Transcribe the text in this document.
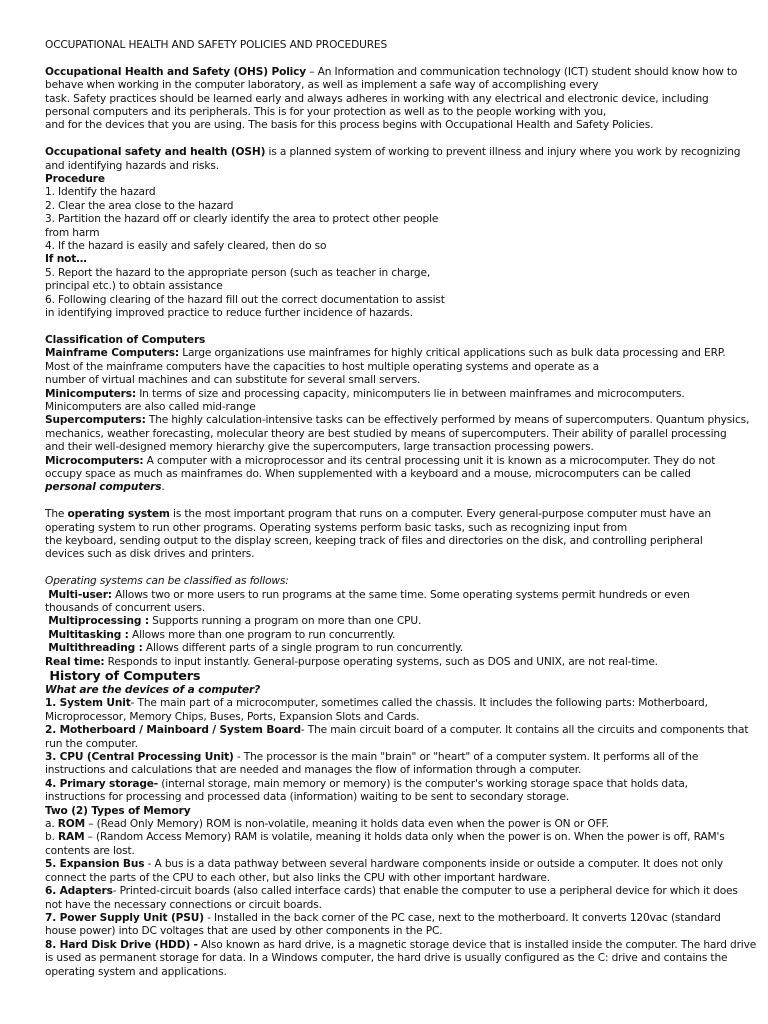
OCCUPATIONAL HEALTH AND SAFETY POLICIES AND PROCEDURES
Occupational Health and Safety (OHS) Policy – An Information and communication technology (ICT) student should know how to
behave when working in the computer laboratory, as well as implement a safe way of accomplishing every
task. Safety practices should be learned early and always adheres in working with any electrical and electronic device, including
personal computers and its peripherals. This is for your protection as well as to the people working with you,
and for the devices that you are using. The basis for this process begins with Occupational Health and Safety Policies.
Occupational safety and health (OSH) is a planned system of working to prevent illness and injury where you work by recognizing
and identifying hazards and risks.
Procedure
1. Identify the hazard
2. Clear the area close to the hazard
3. Partition the hazard off or clearly identify the area to protect other people
from harm
4. If the hazard is easily and safely cleared, then do so
If not…
5. Report the hazard to the appropriate person (such as teacher in charge,
principal etc.) to obtain assistance
6. Following clearing of the hazard fill out the correct documentation to assist
in identifying improved practice to reduce further incidence of hazards.
Classification of Computers
Mainframe Computers: Large organizations use mainframes for highly critical applications such as bulk data processing and ERP.
Most of the mainframe computers have the capacities to host multiple operating systems and operate as a
number of virtual machines and can substitute for several small servers.
Minicomputers: In terms of size and processing capacity, minicomputers lie in between mainframes and microcomputers.
Minicomputers are also called mid-range
Supercomputers: The highly calculation-intensive tasks can be effectively performed by means of supercomputers. Quantum physics,
mechanics, weather forecasting, molecular theory are best studied by means of supercomputers. Their ability of parallel processing
and their well-designed memory hierarchy give the supercomputers, large transaction processing powers.
Microcomputers: A computer with a microprocessor and its central processing unit it is known as a microcomputer. They do not
occupy space as much as mainframes do. When supplemented with a keyboard and a mouse, microcomputers can be called
personal computers.
The operating system is the most important program that runs on a computer. Every general-purpose computer must have an
operating system to run other programs. Operating systems perform basic tasks, such as recognizing input from
the keyboard, sending output to the display screen, keeping track of files and directories on the disk, and controlling peripheral
devices such as disk drives and printers.
Operating systems can be classified as follows:
Multi-user: Allows two or more users to run programs at the same time. Some operating systems permit hundreds or even
thousands of concurrent users.
Multiprocessing : Supports running a program on more than one CPU.
Multitasking : Allows more than one program to run concurrently.
Multithreading : Allows different parts of a single program to run concurrently.
Real time: Responds to input instantly. General-purpose operating systems, such as DOS and UNIX, are not real-time.
History of Computers
What are the devices of a computer?
1. System Unit- The main part of a microcomputer, sometimes called the chassis. It includes the following parts: Motherboard,
Microprocessor, Memory Chips, Buses, Ports, Expansion Slots and Cards.
2. Motherboard / Mainboard / System Board- The main circuit board of a computer. It contains all the circuits and components that
run the computer.
3. CPU (Central Processing Unit) - The processor is the main "brain" or "heart" of a computer system. It performs all of the
instructions and calculations that are needed and manages the flow of information through a computer.
4. Primary storage- (internal storage, main memory or memory) is the computer's working storage space that holds data,
instructions for processing and processed data (information) waiting to be sent to secondary storage.
Two (2) Types of Memory
a. ROM – (Read Only Memory) ROM is non-volatile, meaning it holds data even when the power is ON or OFF.
b. RAM – (Random Access Memory) RAM is volatile, meaning it holds data only when the power is on. When the power is off, RAM's
contents are lost.
5. Expansion Bus - A bus is a data pathway between several hardware components inside or outside a computer. It does not only
connect the parts of the CPU to each other, but also links the CPU with other important hardware.
6. Adapters- Printed-circuit boards (also called interface cards) that enable the computer to use a peripheral device for which it does
not have the necessary connections or circuit boards.
7. Power Supply Unit (PSU) - Installed in the back corner of the PC case, next to the motherboard. It converts 120vac (standard
house power) into DC voltages that are used by other components in the PC.
8. Hard Disk Drive (HDD) - Also known as hard drive, is a magnetic storage device that is installed inside the computer. The hard drive
is used as permanent storage for data. In a Windows computer, the hard drive is usually configured as the C: drive and contains the
operating system and applications.
